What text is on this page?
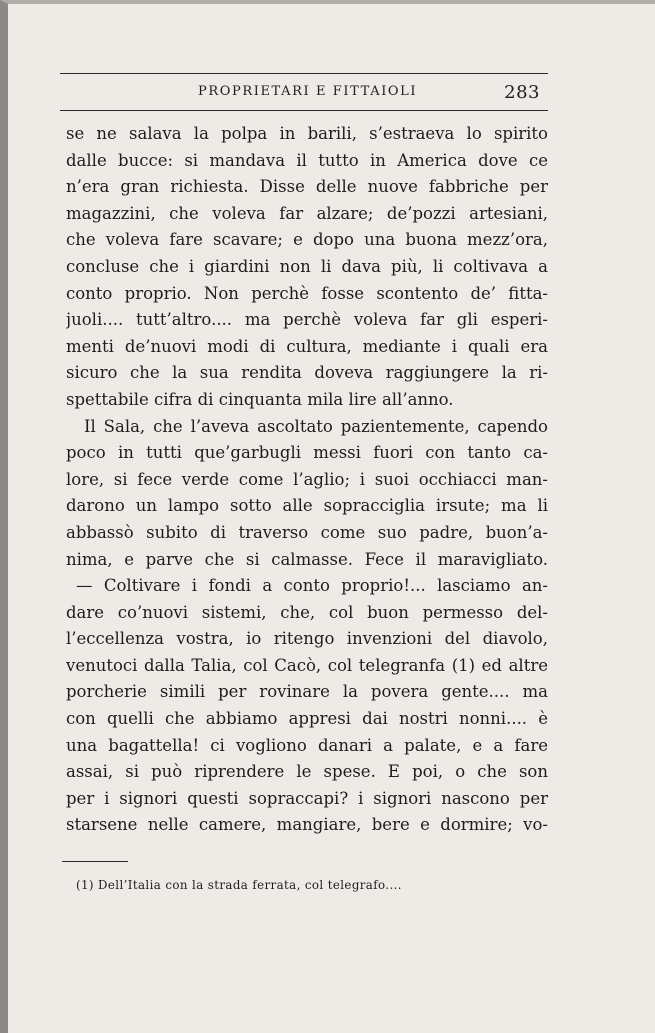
PROPRIETARI E FITTAIOLI	283
se ne salava la polpa in barili, s’estraeva lo spirito
dalle bucce: si mandava il tutto in America dove ce
n’era gran richiesta. Disse delle nuove fabbriche per
magazzini, che voleva far alzare; de’pozzi artesiani,
che voleva fare scavare; e dopo una buona mezz’ora,
concluse che i giardini non li dava più, li coltivava a
conto proprio. Non perchè fosse scontento de’ fitta-
juoli.... tutt’altro.... ma perchè voleva far gli esperi-
menti de’nuovi modi di cultura, mediante i quali era
sicuro che la sua rendita doveva raggiungere la ri-
spettabile cifra di cinquanta mila lire all’anno.
Il Sala, che l’aveva ascoltato pazientemente, capendo
poco in tutti que’garbugli messi fuori con tanto ca-
lore, si fece verde come l’aglio; i suoi occhiacci man-
darono un lampo sotto alle sopracciglia irsute; ma li
abbassò subito di traverso come suo padre, buon’a-
nima, e parve che si calmasse. Fece il maravigliato.
— Coltivare i fondi a conto proprio!... lasciamo an-
dare co’nuovi sistemi, che, col buon permesso del-
l’eccellenza vostra, io ritengo invenzioni del diavolo,
venutoci dalla Talia, col Cacò, col telegranfa (1) ed altre
porcherie simili per rovinare la povera gente.... ma
con quelli che abbiamo appresi dai nostri nonni.... è
una bagattella! ci vogliono danari a palate, e a fare
assai, si può riprendere le spese. E poi, o che son
per i signori questi sopraccapi? i signori nascono per
starsene nelle camere, mangiare, bere e dormire; vo-
(1) Dell’Italia con la strada ferrata, col telegrafo....
